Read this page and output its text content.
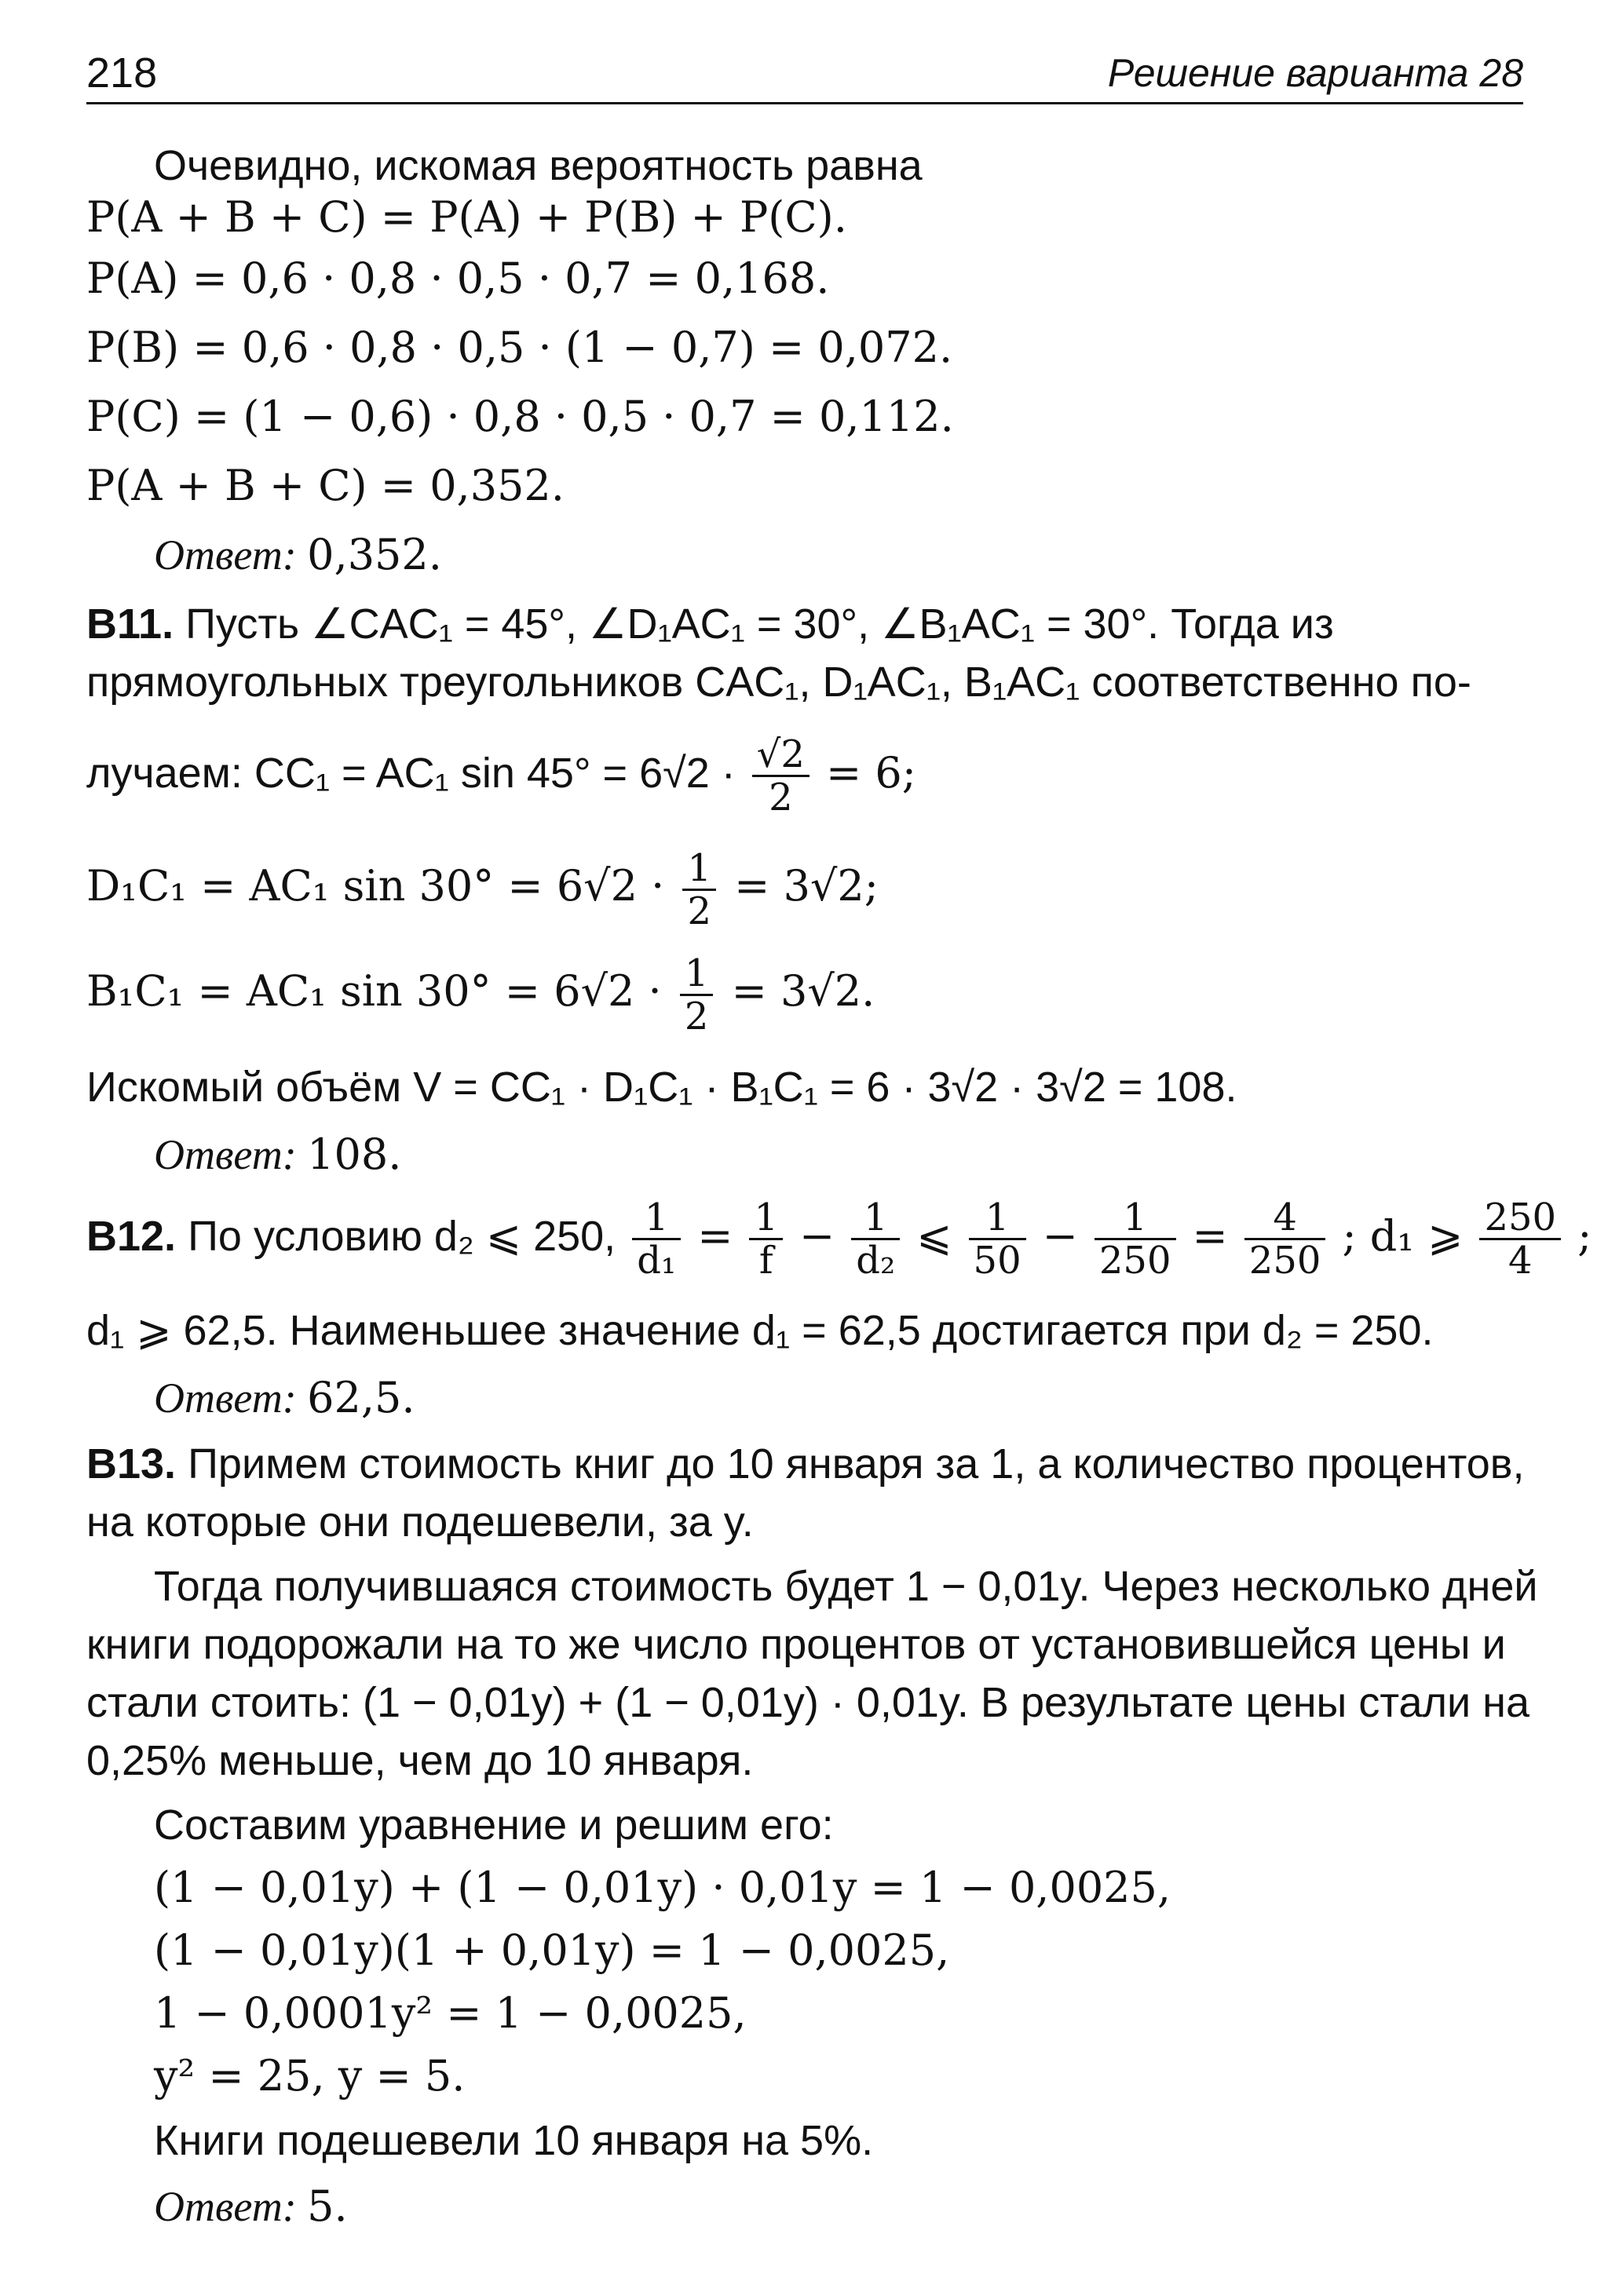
218	Решение варианта 28
Очевидно, искомая вероятность равна
P(A + B + C) = P(A) + P(B) + P(C).
P(A) = 0,6 · 0,8 · 0,5 · 0,7 = 0,168.
P(B) = 0,6 · 0,8 · 0,5 · (1 − 0,7) = 0,072.
P(C) = (1 − 0,6) · 0,8 · 0,5 · 0,7 = 0,112.
P(A + B + C) = 0,352.
Ответ: 0,352.
B11. Пусть ∠CAC₁ = 45°, ∠D₁AC₁ = 30°, ∠B₁AC₁ = 30°. Тогда из
прямоугольных треугольников CAC₁, D₁AC₁, B₁AC₁ соответственно по-
лучаем: CC₁ = AC₁ $\sin 45^\circ = 6√2 \cdot \frac{√2}{2} = 6$;
D₁C₁ = AC₁ $\sin 30^\circ = 6√2 \cdot \frac{1}{2} = 3√2$;
B₁C₁ = AC₁ $\sin 30^\circ = 6√2 \cdot \frac{1}{2} = 3√2$.
Искомый объём V = CC₁ · D₁C₁ · B₁C₁ = 6 · 3√2 · 3√2 = 108.
Ответ: 108.
B12. По условию d₂ ⩽ 250, $\frac{1}{\text{d₁}} = \frac{1}{f} - \frac{1}{\text{d₂}}$ ⩽ $\frac{1}{50} - \frac{1}{250} = \frac{4}{250}$ ; d₁ ⩾ $\frac{250}{4}$ ;
d₁ ⩾ 62,5. Наименьшее значение d₁ = 62,5 достигается при d₂ = 250.
Ответ: 62,5.
B13. Примем стоимость книг до 10 января за 1, а количество процентов,
на которые они подешевели, за y.
Тогда получившаяся стоимость будет 1 − 0,01y. Через несколько дней
книги подорожали на то же число процентов от установившейся цены и
стали стоить: (1 − 0,01y) + (1 − 0,01y) · 0,01y. В результате цены стали на
0,25% меньше, чем до 10 января.
Составим уравнение и решим его:
(1 − 0,01y) + (1 − 0,01y) · 0,01y = 1 − 0,0025,
(1 − 0,01y)(1 + 0,01y) = 1 − 0,0025,
1 − 0,0001y² = 1 − 0,0025,
y² = 25, y = 5.
Книги подешевели 10 января на 5%.
Ответ: 5.
